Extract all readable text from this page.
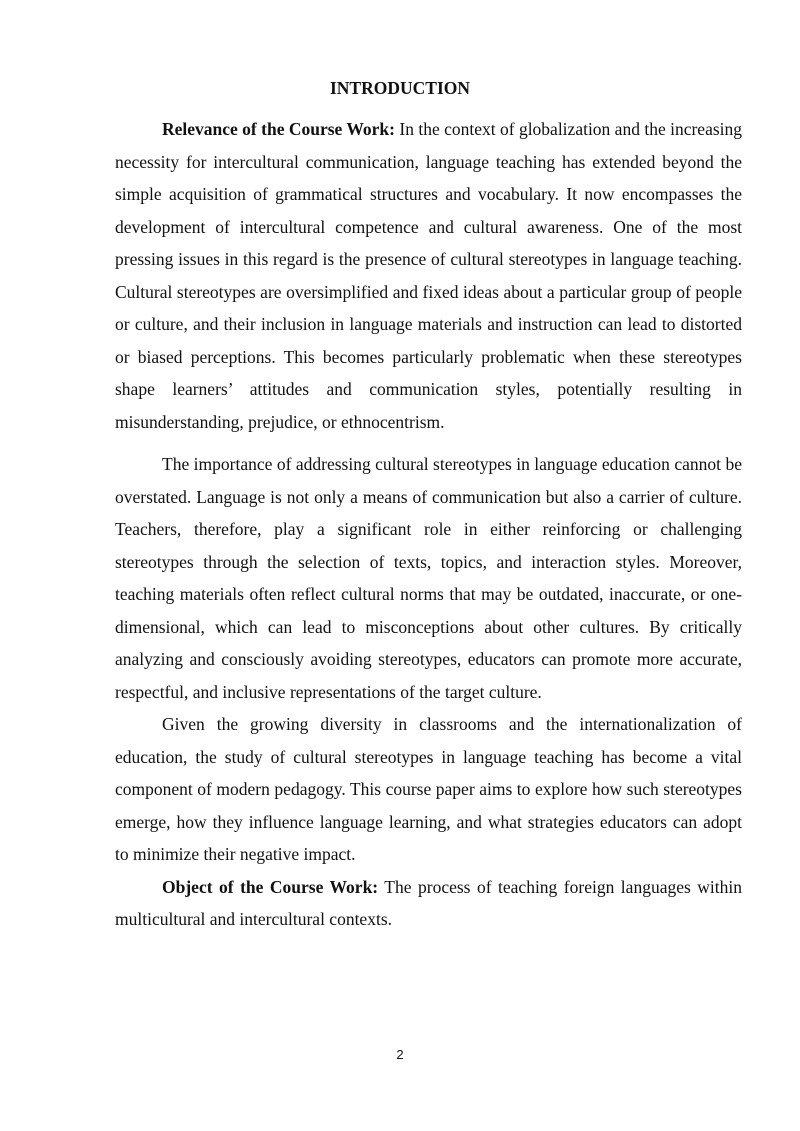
INTRODUCTION

Relevance of the Course Work: In the context of globalization and the increasing necessity for intercultural communication, language teaching has extended beyond the simple acquisition of grammatical structures and vocabulary. It now encompasses the development of intercultural competence and cultural awareness. One of the most pressing issues in this regard is the presence of cultural stereotypes in language teaching. Cultural stereotypes are oversimplified and fixed ideas about a particular group of people or culture, and their inclusion in language materials and instruction can lead to distorted or biased perceptions. This becomes particularly problematic when these stereotypes shape learners’ attitudes and communication styles, potentially resulting in misunderstanding, prejudice, or ethnocentrism.

The importance of addressing cultural stereotypes in language education cannot be overstated. Language is not only a means of communication but also a carrier of culture. Teachers, therefore, play a significant role in either reinforcing or challenging stereotypes through the selection of texts, topics, and interaction styles. Moreover, teaching materials often reflect cultural norms that may be outdated, inaccurate, or one-dimensional, which can lead to misconceptions about other cultures. By critically analyzing and consciously avoiding stereotypes, educators can promote more accurate, respectful, and inclusive representations of the target culture.

Given the growing diversity in classrooms and the internationalization of education, the study of cultural stereotypes in language teaching has become a vital component of modern pedagogy. This course paper aims to explore how such stereotypes emerge, how they influence language learning, and what strategies educators can adopt to minimize their negative impact.

Object of the Course Work: The process of teaching foreign languages within multicultural and intercultural contexts.

2
